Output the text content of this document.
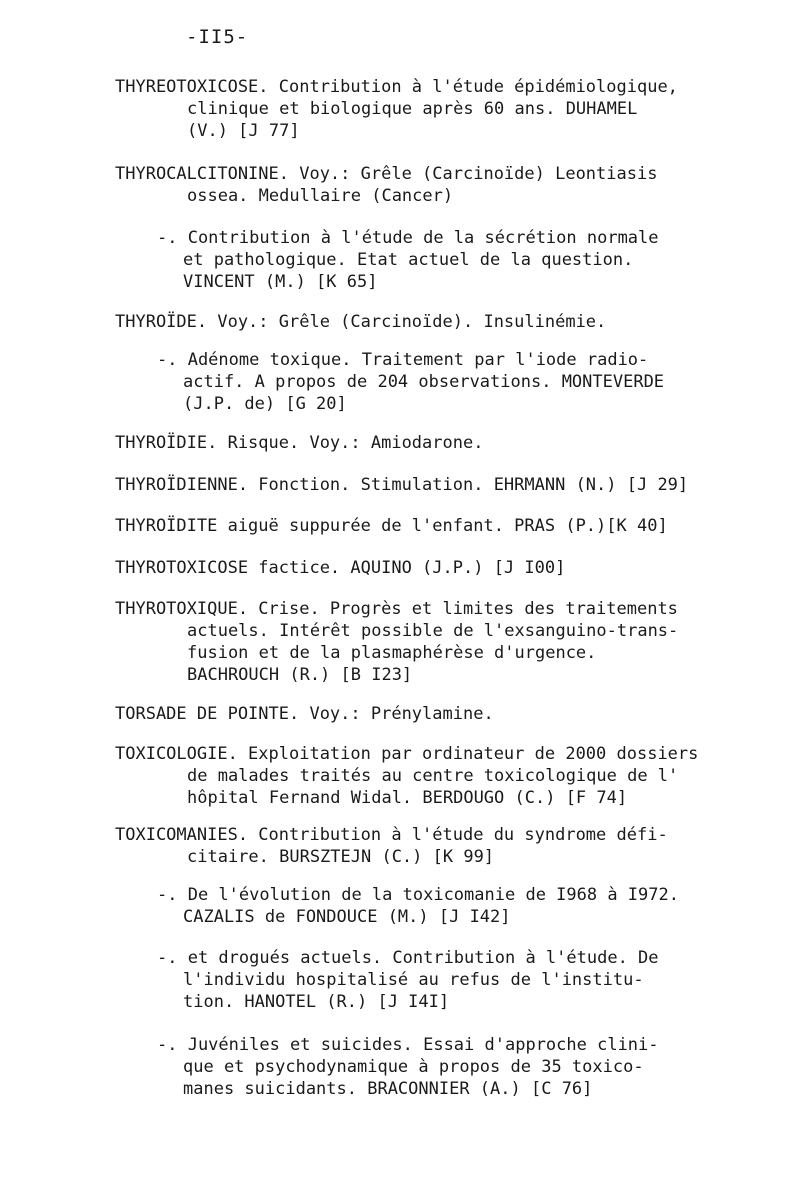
-II5-
THYREOTOXICOSE. Contribution à l'étude épidémiologique,
clinique et biologique après 60 ans. DUHAMEL
(V.) [J 77]
THYROCALCITONINE. Voy.: Grêle (Carcinoïde) Leontiasis
ossea. Medullaire (Cancer)
-. Contribution à l'étude de la sécrétion normale
et pathologique. Etat actuel de la question.
VINCENT (M.) [K 65]
THYROÏDE. Voy.: Grêle (Carcinoïde). Insulinémie.
-. Adénome toxique. Traitement par l'iode radio-
actif. A propos de 204 observations. MONTEVERDE
(J.P. de) [G 20]
THYROÏDIE. Risque. Voy.: Amiodarone.
THYROÏDIENNE. Fonction. Stimulation. EHRMANN (N.) [J 29]
THYROÏDITE aiguë suppurée de l'enfant. PRAS (P.)[K 40]
THYROTOXICOSE factice. AQUINO (J.P.) [J I00]
THYROTOXIQUE. Crise. Progrès et limites des traitements
actuels. Intérêt possible de l'exsanguino-trans-
fusion et de la plasmaphérèse d'urgence.
BACHROUCH (R.) [B I23]
TORSADE DE POINTE. Voy.: Prénylamine.
TOXICOLOGIE. Exploitation par ordinateur de 2000 dossiers
de malades traités au centre toxicologique de l'
hôpital Fernand Widal. BERDOUGO (C.) [F 74]
TOXICOMANIES. Contribution à l'étude du syndrome défi-
citaire. BURSZTEJN (C.) [K 99]
-. De l'évolution de la toxicomanie de I968 à I972.
CAZALIS de FONDOUCE (M.) [J I42]
-. et drogués actuels. Contribution à l'étude. De
l'individu hospitalisé au refus de l'institu-
tion. HANOTEL (R.) [J I4I]
-. Juvéniles et suicides. Essai d'approche clini-
que et psychodynamique à propos de 35 toxico-
manes suicidants. BRACONNIER (A.) [C 76]
